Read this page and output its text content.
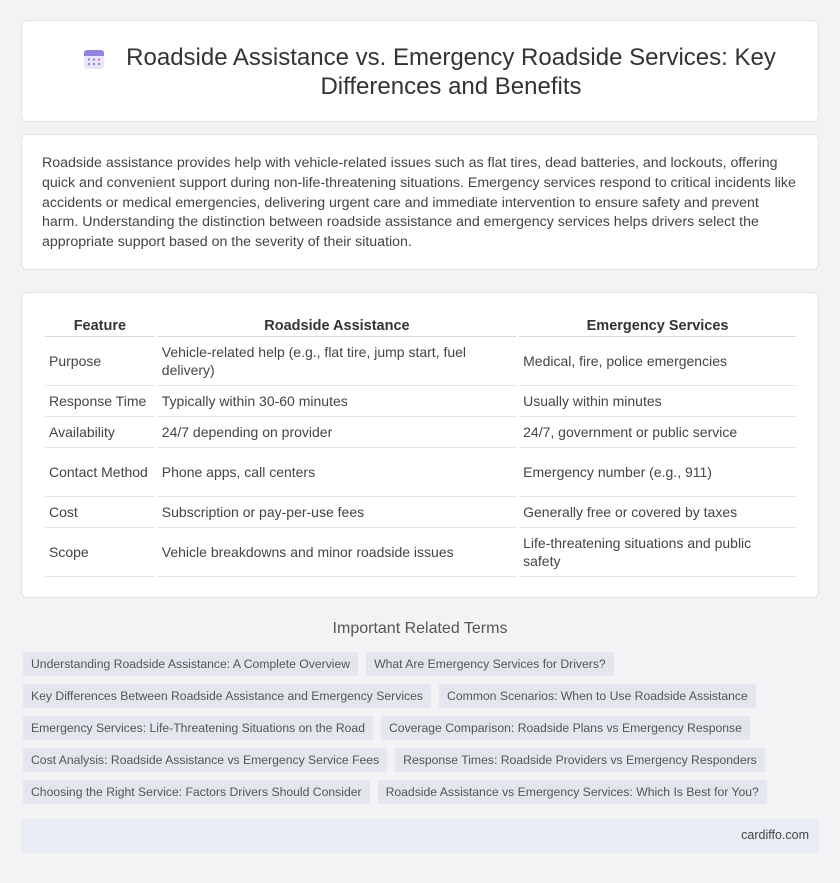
Roadside Assistance vs. Emergency Roadside Services: Key Differences and Benefits

Roadside assistance provides help with vehicle-related issues such as flat tires, dead batteries, and lockouts, offering quick and convenient support during non-life-threatening situations. Emergency services respond to critical incidents like accidents or medical emergencies, delivering urgent care and immediate intervention to ensure safety and prevent harm. Understanding the distinction between roadside assistance and emergency services helps drivers select the appropriate support based on the severity of their situation.

Feature	Roadside Assistance	Emergency Services
Purpose	Vehicle-related help (e.g., flat tire, jump start, fuel delivery)	Medical, fire, police emergencies
Response Time	Typically within 30-60 minutes	Usually within minutes
Availability	24/7 depending on provider	24/7, government or public service
Contact Method	Phone apps, call centers	Emergency number (e.g., 911)
Cost	Subscription or pay-per-use fees	Generally free or covered by taxes
Scope	Vehicle breakdowns and minor roadside issues	Life-threatening situations and public safety
Important Related Terms
Understanding Roadside Assistance: A Complete Overview	What Are Emergency Services for Drivers?
Key Differences Between Roadside Assistance and Emergency Services	Common Scenarios: When to Use Roadside Assistance
Emergency Services: Life-Threatening Situations on the Road	Coverage Comparison: Roadside Plans vs Emergency Response
Cost Analysis: Roadside Assistance vs Emergency Service Fees	Response Times: Roadside Providers vs Emergency Responders
Choosing the Right Service: Factors Drivers Should Consider	Roadside Assistance vs Emergency Services: Which Is Best for You?
cardiffo.com
